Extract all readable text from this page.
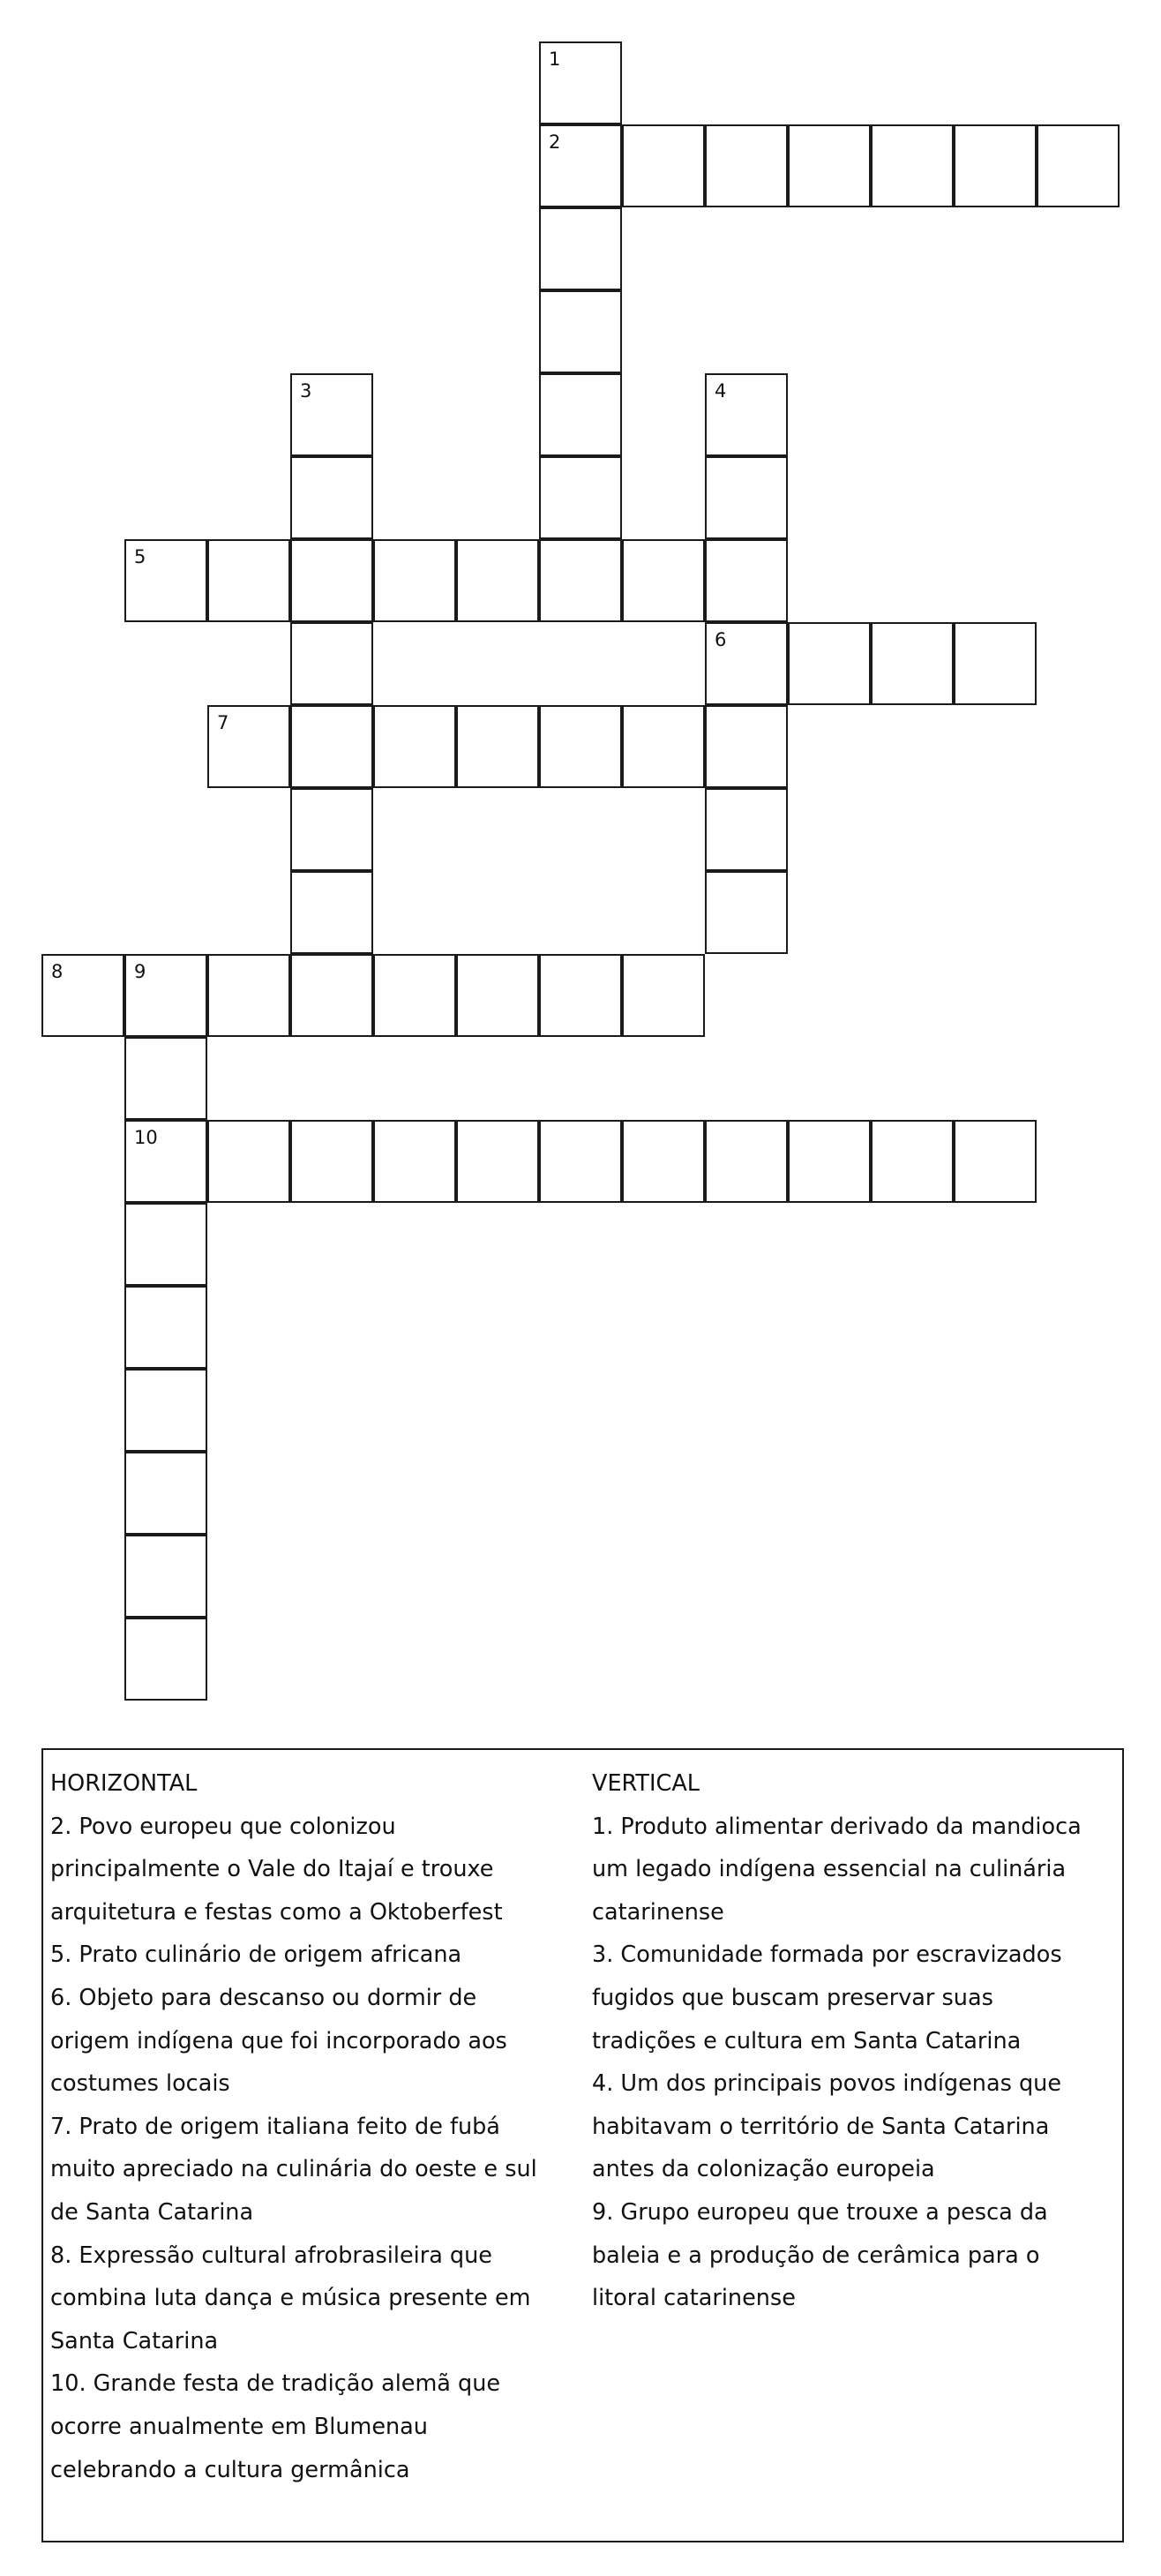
1
2
3	4
5
6
7
8	9
10

HORIZONTAL

2. Povo europeu que colonizou

principalmente o Vale do Itajaí e trouxe

arquitetura e festas como a Oktoberfest

5. Prato culinário de origem africana

6. Objeto para descanso ou dormir de

origem indígena que foi incorporado aos

costumes locais

7. Prato de origem italiana feito de fubá

muito apreciado na culinária do oeste e sul

de Santa Catarina

8. Expressão cultural afrobrasileira que

combina luta dança e música presente em

Santa Catarina

10. Grande festa de tradição alemã que

ocorre anualmente em Blumenau

celebrando a cultura germânica

VERTICAL

1. Produto alimentar derivado da mandioca

um legado indígena essencial na culinária

catarinense

3. Comunidade formada por escravizados

fugidos que buscam preservar suas

tradições e cultura em Santa Catarina

4. Um dos principais povos indígenas que

habitavam o território de Santa Catarina

antes da colonização europeia

9. Grupo europeu que trouxe a pesca da

baleia e a produção de cerâmica para o

litoral catarinense
